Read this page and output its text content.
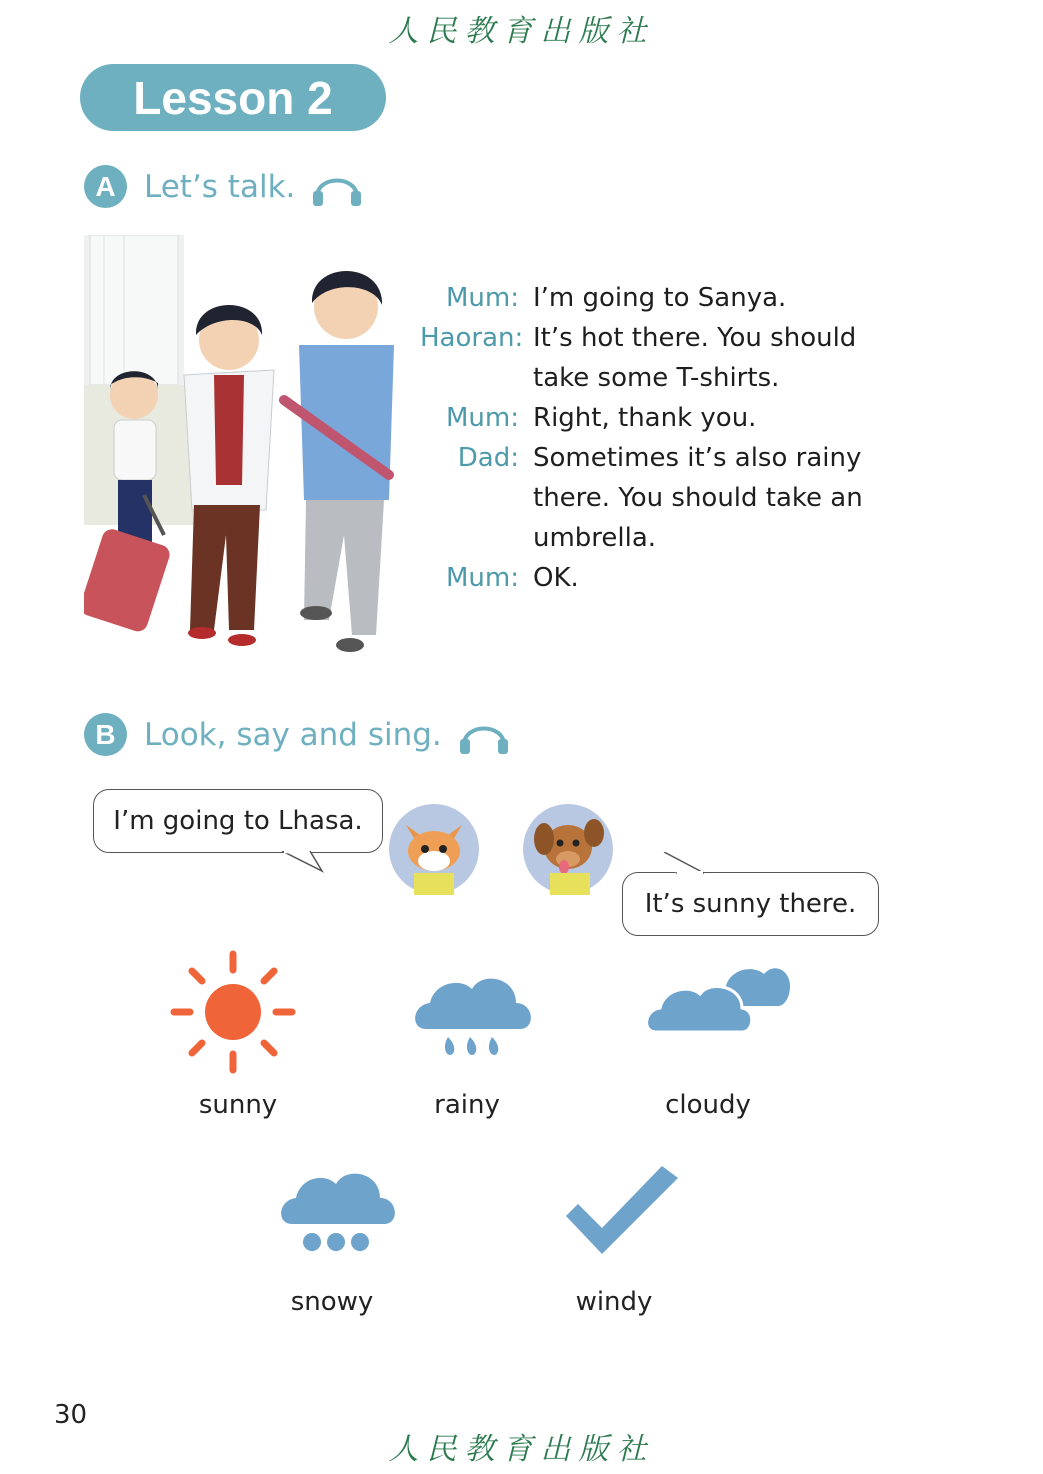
人民教育出版社
Lesson 2
A Let’s talk.
Mum: I’m going to Sanya.
Haoran: It’s hot there. You should take some T-shirts.
Mum: Right, thank you.
Dad: Sometimes it’s also rainy there. You should take an umbrella.
Mum: OK.
B Look, say and sing.
I’m going to Lhasa.
It’s sunny there.
sunny	rainy	cloudy
snowy	windy
30
人民教育出版社
